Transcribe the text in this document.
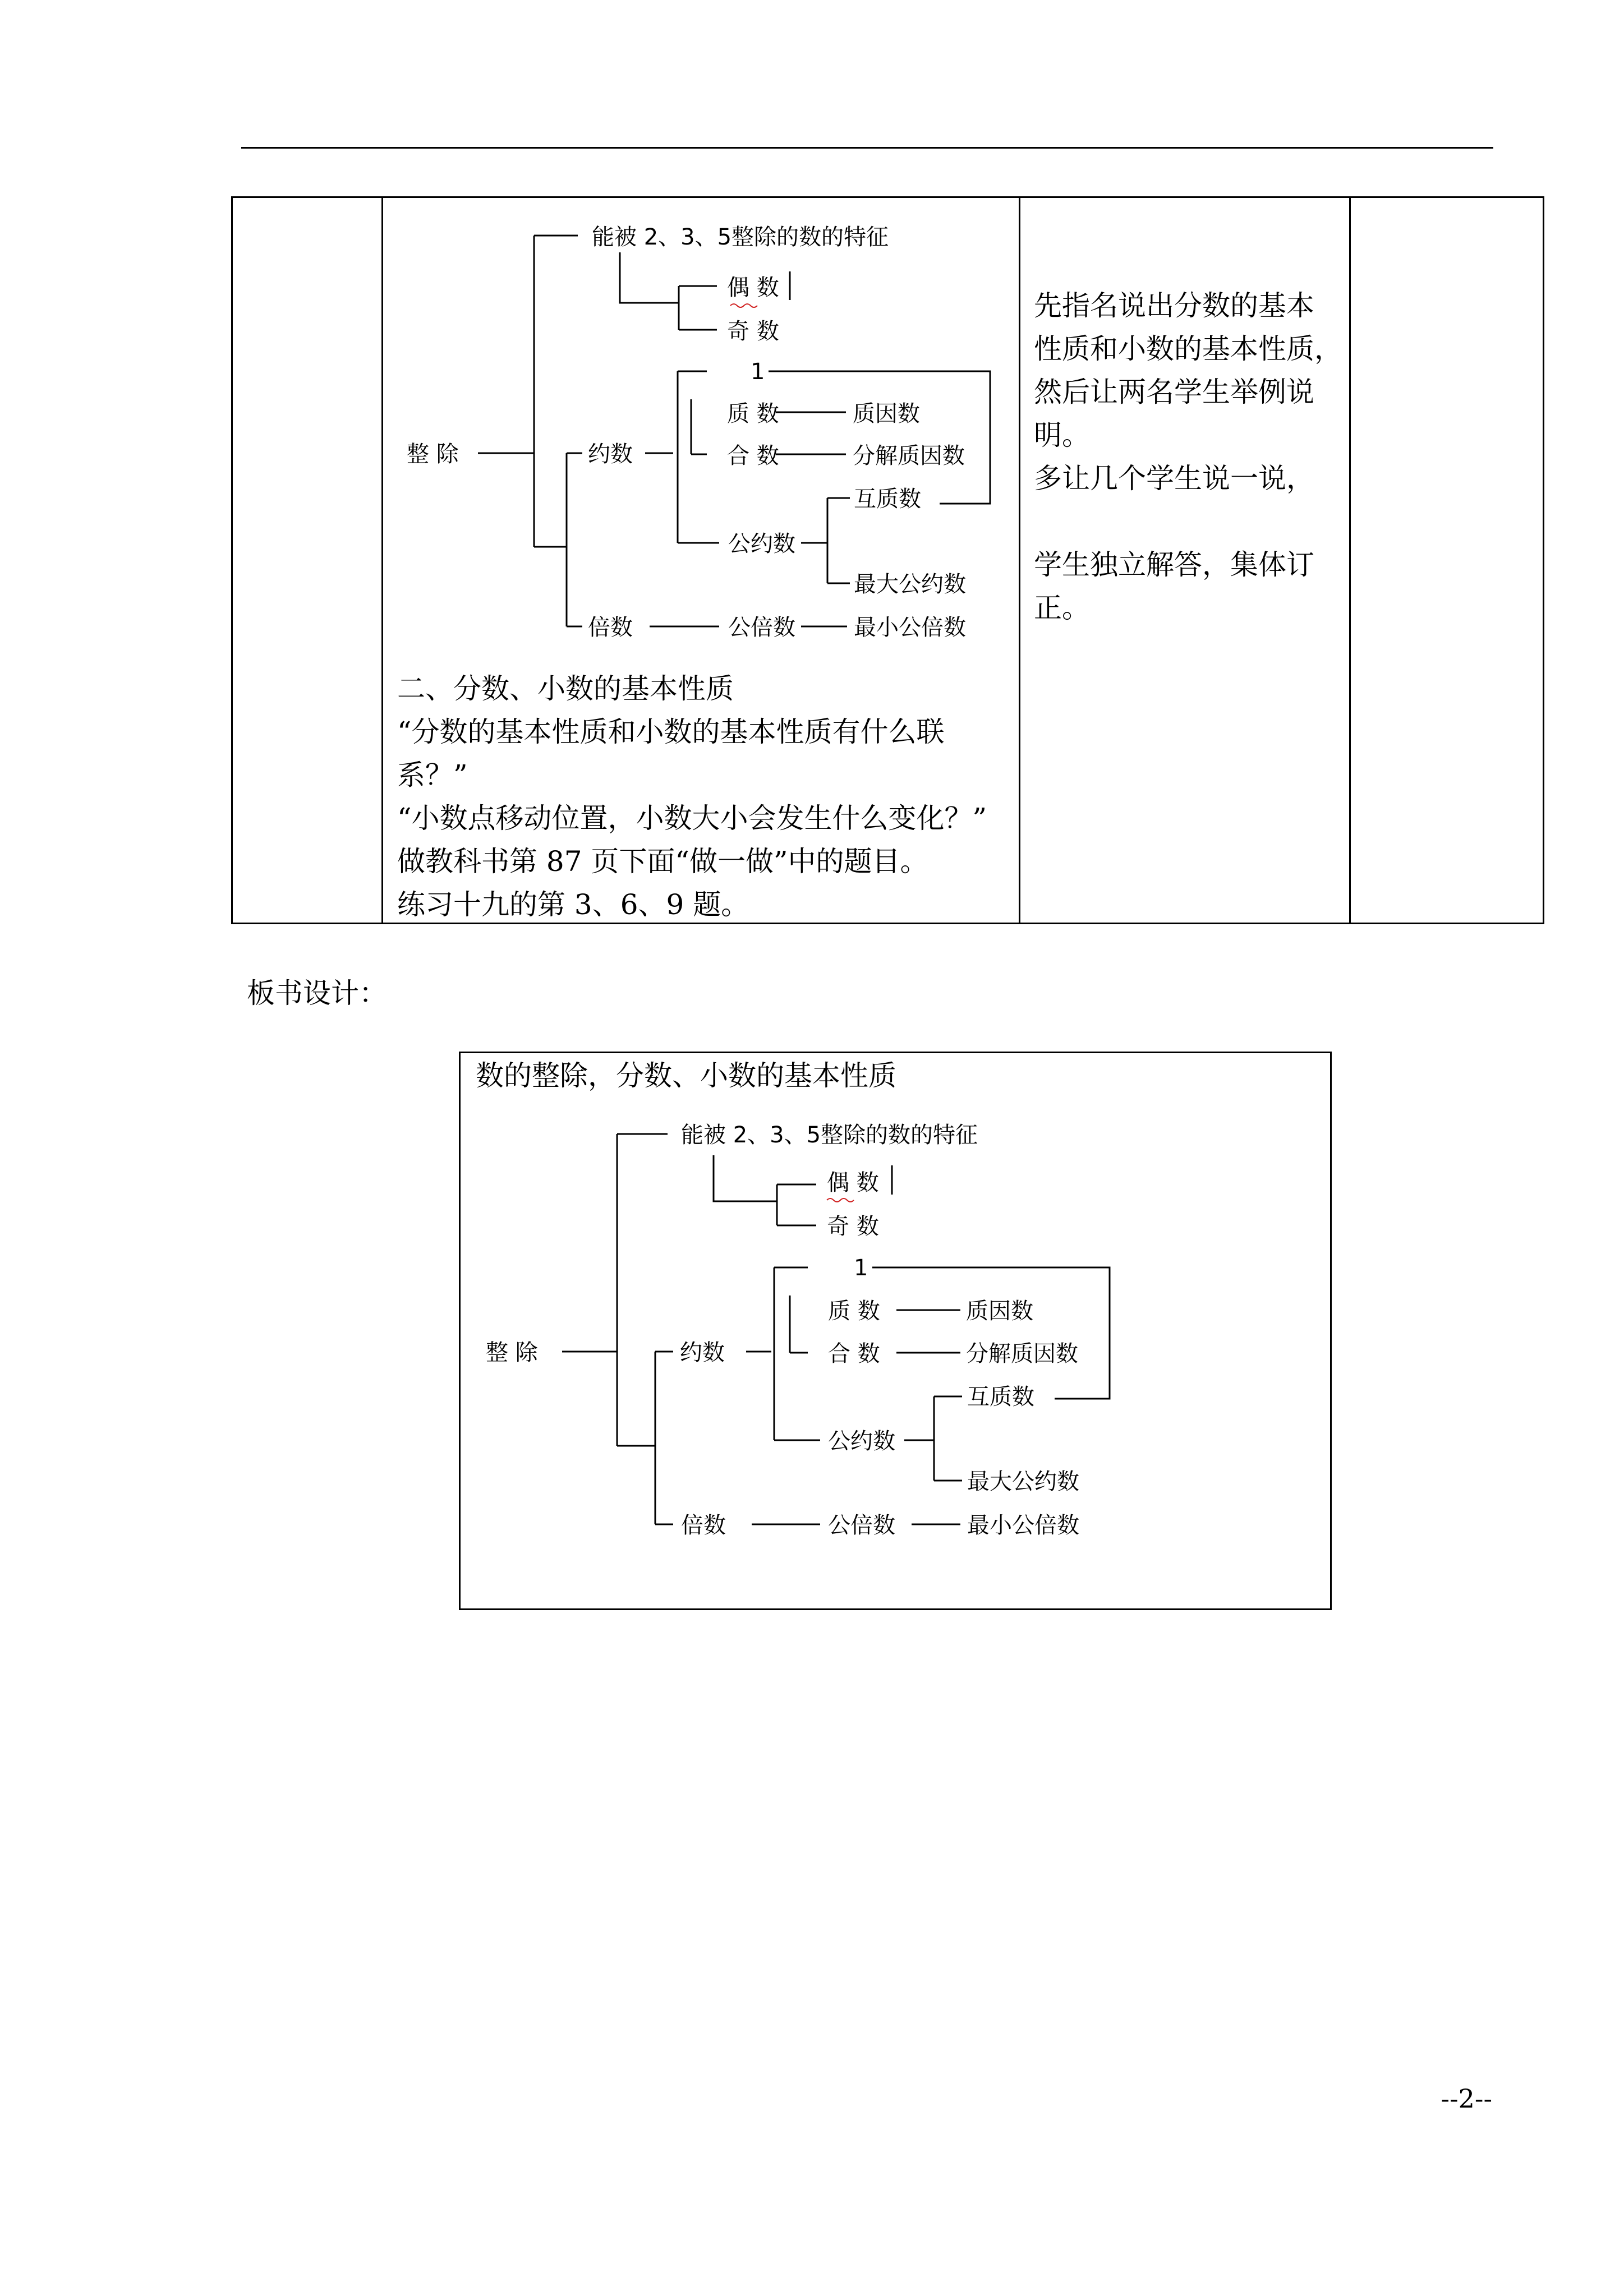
整 除
能被 2、3、5整除的数的特征
偶 数
奇 数
1
约数
质 数	质因数
合 数	分解质因数
互质数
公约数
最大公约数
倍数	公倍数	最小公倍数
二、分数、小数的基本性质
“分数的基本性质和小数的基本性质有什么联
系？”
“小数点移动位置，小数大小会发生什么变化？”
做教科书第 87 页下面“做一做”中的题目。
练习十九的第 3、6、9 题。
先指名说出分数的基本
性质和小数的基本性质，
然后让两名学生举例说
明。
多让几个学生说一说，
学生独立解答，集体订
正。
板书设计：
数的整除，分数、小数的基本性质
整 除
能被 2、3、5整除的数的特征
偶 数
奇 数
1
约数
质 数	质因数
合 数	分解质因数
互质数
公约数
最大公约数
倍数	公倍数	最小公倍数
--2--
